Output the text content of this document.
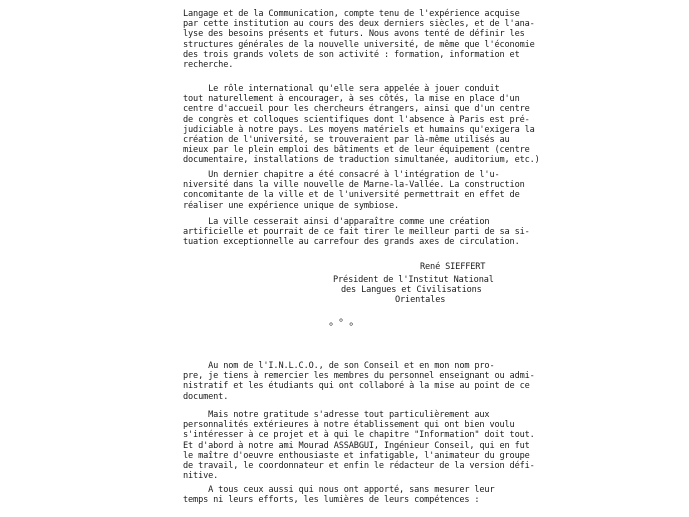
Langage et de la Communication, compte tenu de l'expérience acquise
par cette institution au cours des deux derniers siècles, et de l'ana-
lyse des besoins présents et futurs. Nous avons tenté de définir les
structures générales de la nouvelle université, de même que l'économie
des trois grands volets de son activité : formation, information et
recherche.
Le rôle international qu'elle sera appelée à jouer conduit
tout naturellement à encourager, à ses côtés, la mise en place d'un
centre d'accueil pour les chercheurs étrangers, ainsi que d'un centre
de congrès et colloques scientifiques dont l'absence à Paris est pré-
judiciable à notre pays. Les moyens matériels et humains qu'exigera la
création de l'université, se trouveraient par là-même utilisés au
mieux par le plein emploi des bâtiments et de leur équipement (centre
documentaire, installations de traduction simultanée, auditorium, etc.)
Un dernier chapitre a été consacré à l'intégration de l'u-
niversité dans la ville nouvelle de Marne-la-Vallée. La construction
concomitante de la ville et de l'université permettrait en effet de
réaliser une expérience unique de symbiose.
La ville cesserait ainsi d'apparaître comme une création
artificielle et pourrait de ce fait tirer le meilleur parti de sa si-
tuation exceptionnelle au carrefour des grands axes de circulation.
René SIEFFERT
Président de l'Institut National
des Langues et Civilisations
Orientales
°°°
Au nom de l'I.N.L.C.O., de son Conseil et en mon nom pro-
pre, je tiens à remercier les membres du personnel enseignant ou admi-
nistratif et les étudiants qui ont collaboré à la mise au point de ce
document.
Mais notre gratitude s'adresse tout particulièrement aux
personnalités extérieures à notre établissement qui ont bien voulu
s'intéresser à ce projet et à qui le chapitre "Information" doit tout.
Et d'abord à notre ami Mourad ASSABGUI, Ingénieur Conseil, qui en fut
le maître d'oeuvre enthousiaste et infatigable, l'animateur du groupe
de travail, le coordonnateur et enfin le rédacteur de la version défi-
nitive.
A tous ceux aussi qui nous ont apporté, sans mesurer leur
temps ni leurs efforts, les lumières de leurs compétences :
